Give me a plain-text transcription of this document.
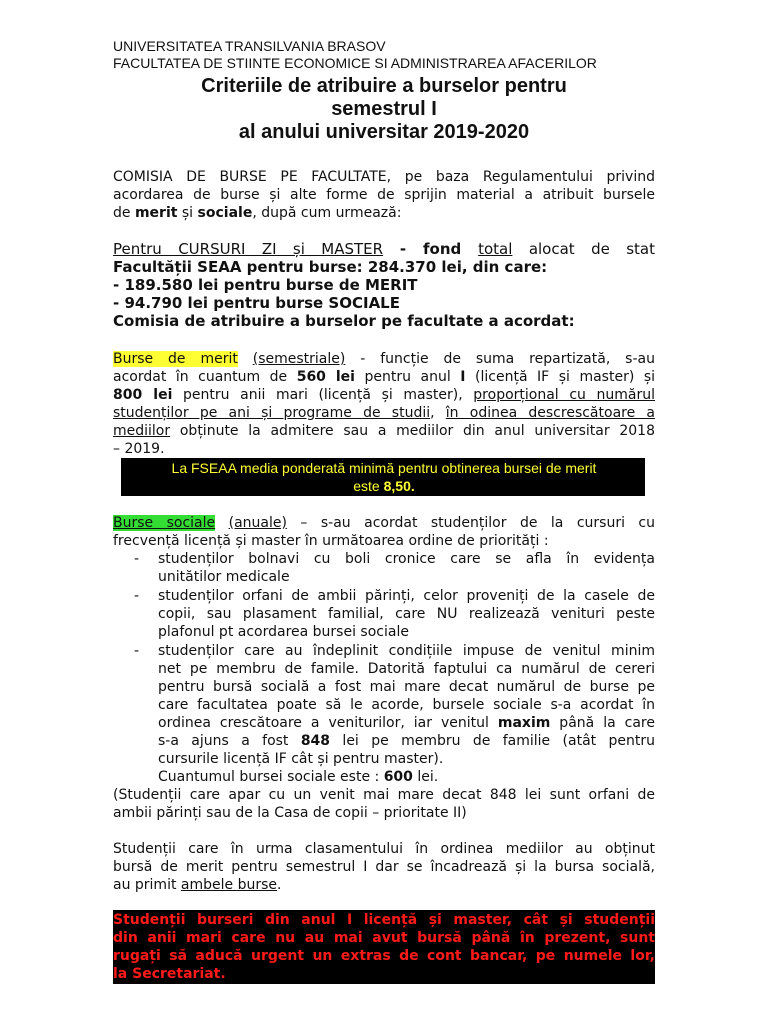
UNIVERSITATEA TRANSILVANIA BRASOV
FACULTATEA DE STIINTE ECONOMICE SI ADMINISTRAREA AFACERILOR
Criteriile de atribuire a burselor pentru
semestrul I
al anului universitar 2019-2020
COMISIA DE BURSE PE FACULTATE, pe baza Regulamentului privind
acordarea de burse și alte forme de sprijin material a atribuit bursele
de merit și sociale, după cum urmează:
Pentru CURSURI ZI și MASTER - fond total alocat de stat
Facultății SEAA pentru burse: 284.370 lei, din care:
- 189.580 lei pentru burse de MERIT
- 94.790 lei pentru burse SOCIALE
Comisia de atribuire a burselor pe facultate a acordat:
Burse de merit (semestriale) - funcție de suma repartizată, s-au
acordat în cuantum de 560 lei pentru anul I (licență IF și master) și
800 lei pentru anii mari (licență și master), proporțional cu numărul
studenților pe ani și programe de studii, în odinea descrescătoare a
mediilor obținute la admitere sau a mediilor din anul universitar 2018
– 2019.
La FSEAA media ponderată minimă pentru obtinerea bursei de merit
este 8,50.
Burse sociale (anuale) – s-au acordat studenților de la cursuri cu
frecvență licență și master în următoarea ordine de priorități :
- studenților bolnavi cu boli cronice care se afla în evidența
unitătilor medicale
- studenților orfani de ambii părinți, celor proveniți de la casele de
copii, sau plasament familial, care NU realizează venituri peste
plafonul pt acordarea bursei sociale
- studenților care au îndeplinit condițiile impuse de venitul minim
net pe membru de famile. Datorită faptului ca numărul de cereri
pentru bursă socială a fost mai mare decat numărul de burse pe
care facultatea poate să le acorde, bursele sociale s-a acordat în
ordinea crescătoare a veniturilor, iar venitul maxim până la care
s-a ajuns a fost 848 lei pe membru de familie (atât pentru
cursurile licență IF cât și pentru master).
Cuantumul bursei sociale este : 600 lei.
(Studenții care apar cu un venit mai mare decat 848 lei sunt orfani de
ambii părinți sau de la Casa de copii – prioritate II)
Studenții care în urma clasamentului în ordinea mediilor au obținut
bursă de merit pentru semestrul I dar se încadrează și la bursa socială,
au primit ambele burse.
Studenții burseri din anul I licență și master, cât și studenții
din anii mari care nu au mai avut bursă până în prezent, sunt
rugați să aducă urgent un extras de cont bancar, pe numele lor,
la Secretariat.
